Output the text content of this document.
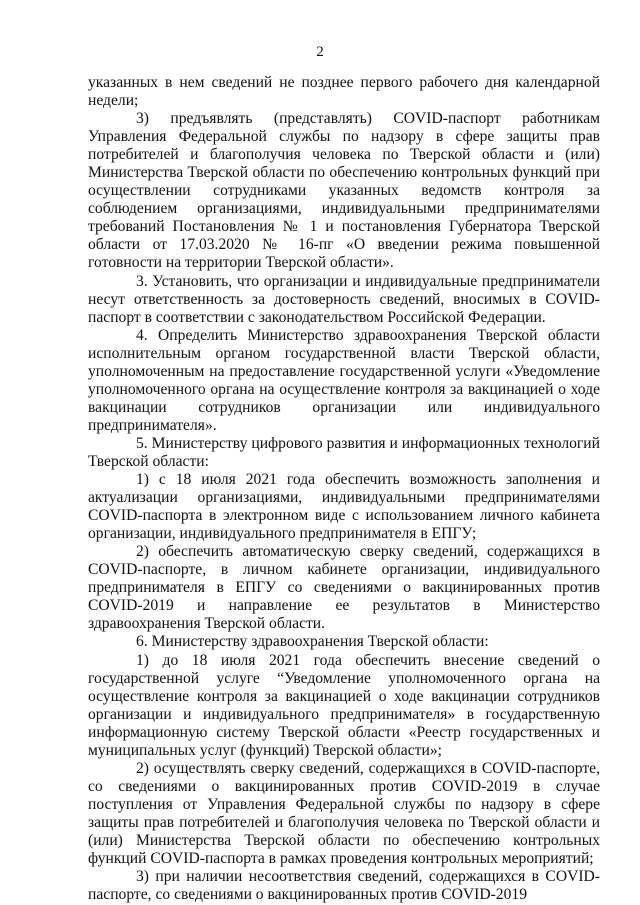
2

указанных в нем сведений не позднее первого рабочего дня календарной недели;

3) предъявлять (представлять) COVID-паспорт работникам Управления Федеральной службы по надзору в сфере защиты прав потребителей и благополучия человека по Тверской области и (или) Министерства Тверской области по обеспечению контрольных функций при осуществлении сотрудниками указанных ведомств контроля за соблюдением организациями, индивидуальными предпринимателями требований Постановления № 1 и постановления Губернатора Тверской области от 17.03.2020 № 16-пг «О введении режима повышенной готовности на территории Тверской области».

3. Установить, что организации и индивидуальные предприниматели несут ответственность за достоверность сведений, вносимых в COVID-паспорт в соответствии с законодательством Российской Федерации.

4. Определить Министерство здравоохранения Тверской области исполнительным органом государственной власти Тверской области, уполномоченным на предоставление государственной услуги «Уведомление уполномоченного органа на осуществление контроля за вакцинацией о ходе вакцинации сотрудников организации или индивидуального предпринимателя».

5. Министерству цифрового развития и информационных технологий Тверской области:

1) с 18 июля 2021 года обеспечить возможность заполнения и актуализации организациями, индивидуальными предпринимателями COVID-паспорта в электронном виде с использованием личного кабинета организации, индивидуального предпринимателя в ЕПГУ;

2) обеспечить автоматическую сверку сведений, содержащихся в COVID-паспорте, в личном кабинете организации, индивидуального предпринимателя в ЕПГУ со сведениями о вакцинированных против COVID-2019 и направление ее результатов в Министерство здравоохранения Тверской области.

6. Министерству здравоохранения Тверской области:

1) до 18 июля 2021 года обеспечить внесение сведений о государственной услуге “Уведомление уполномоченного органа на осуществление контроля за вакцинацией о ходе вакцинации сотрудников организации и индивидуального предпринимателя» в государственную информационную систему Тверской области «Реестр государственных и муниципальных услуг (функций) Тверской области»;

2) осуществлять сверку сведений, содержащихся в COVID-паспорте, со сведениями о вакцинированных против COVID-2019 в случае поступления от Управления Федеральной службы по надзору в сфере защиты прав потребителей и благополучия человека по Тверской области и (или) Министерства Тверской области по обеспечению контрольных функций COVID-паспорта в рамках проведения контрольных мероприятий;

3) при наличии несоответствия сведений, содержащихся в COVID-паспорте, со сведениями о вакцинированных против COVID-2019
